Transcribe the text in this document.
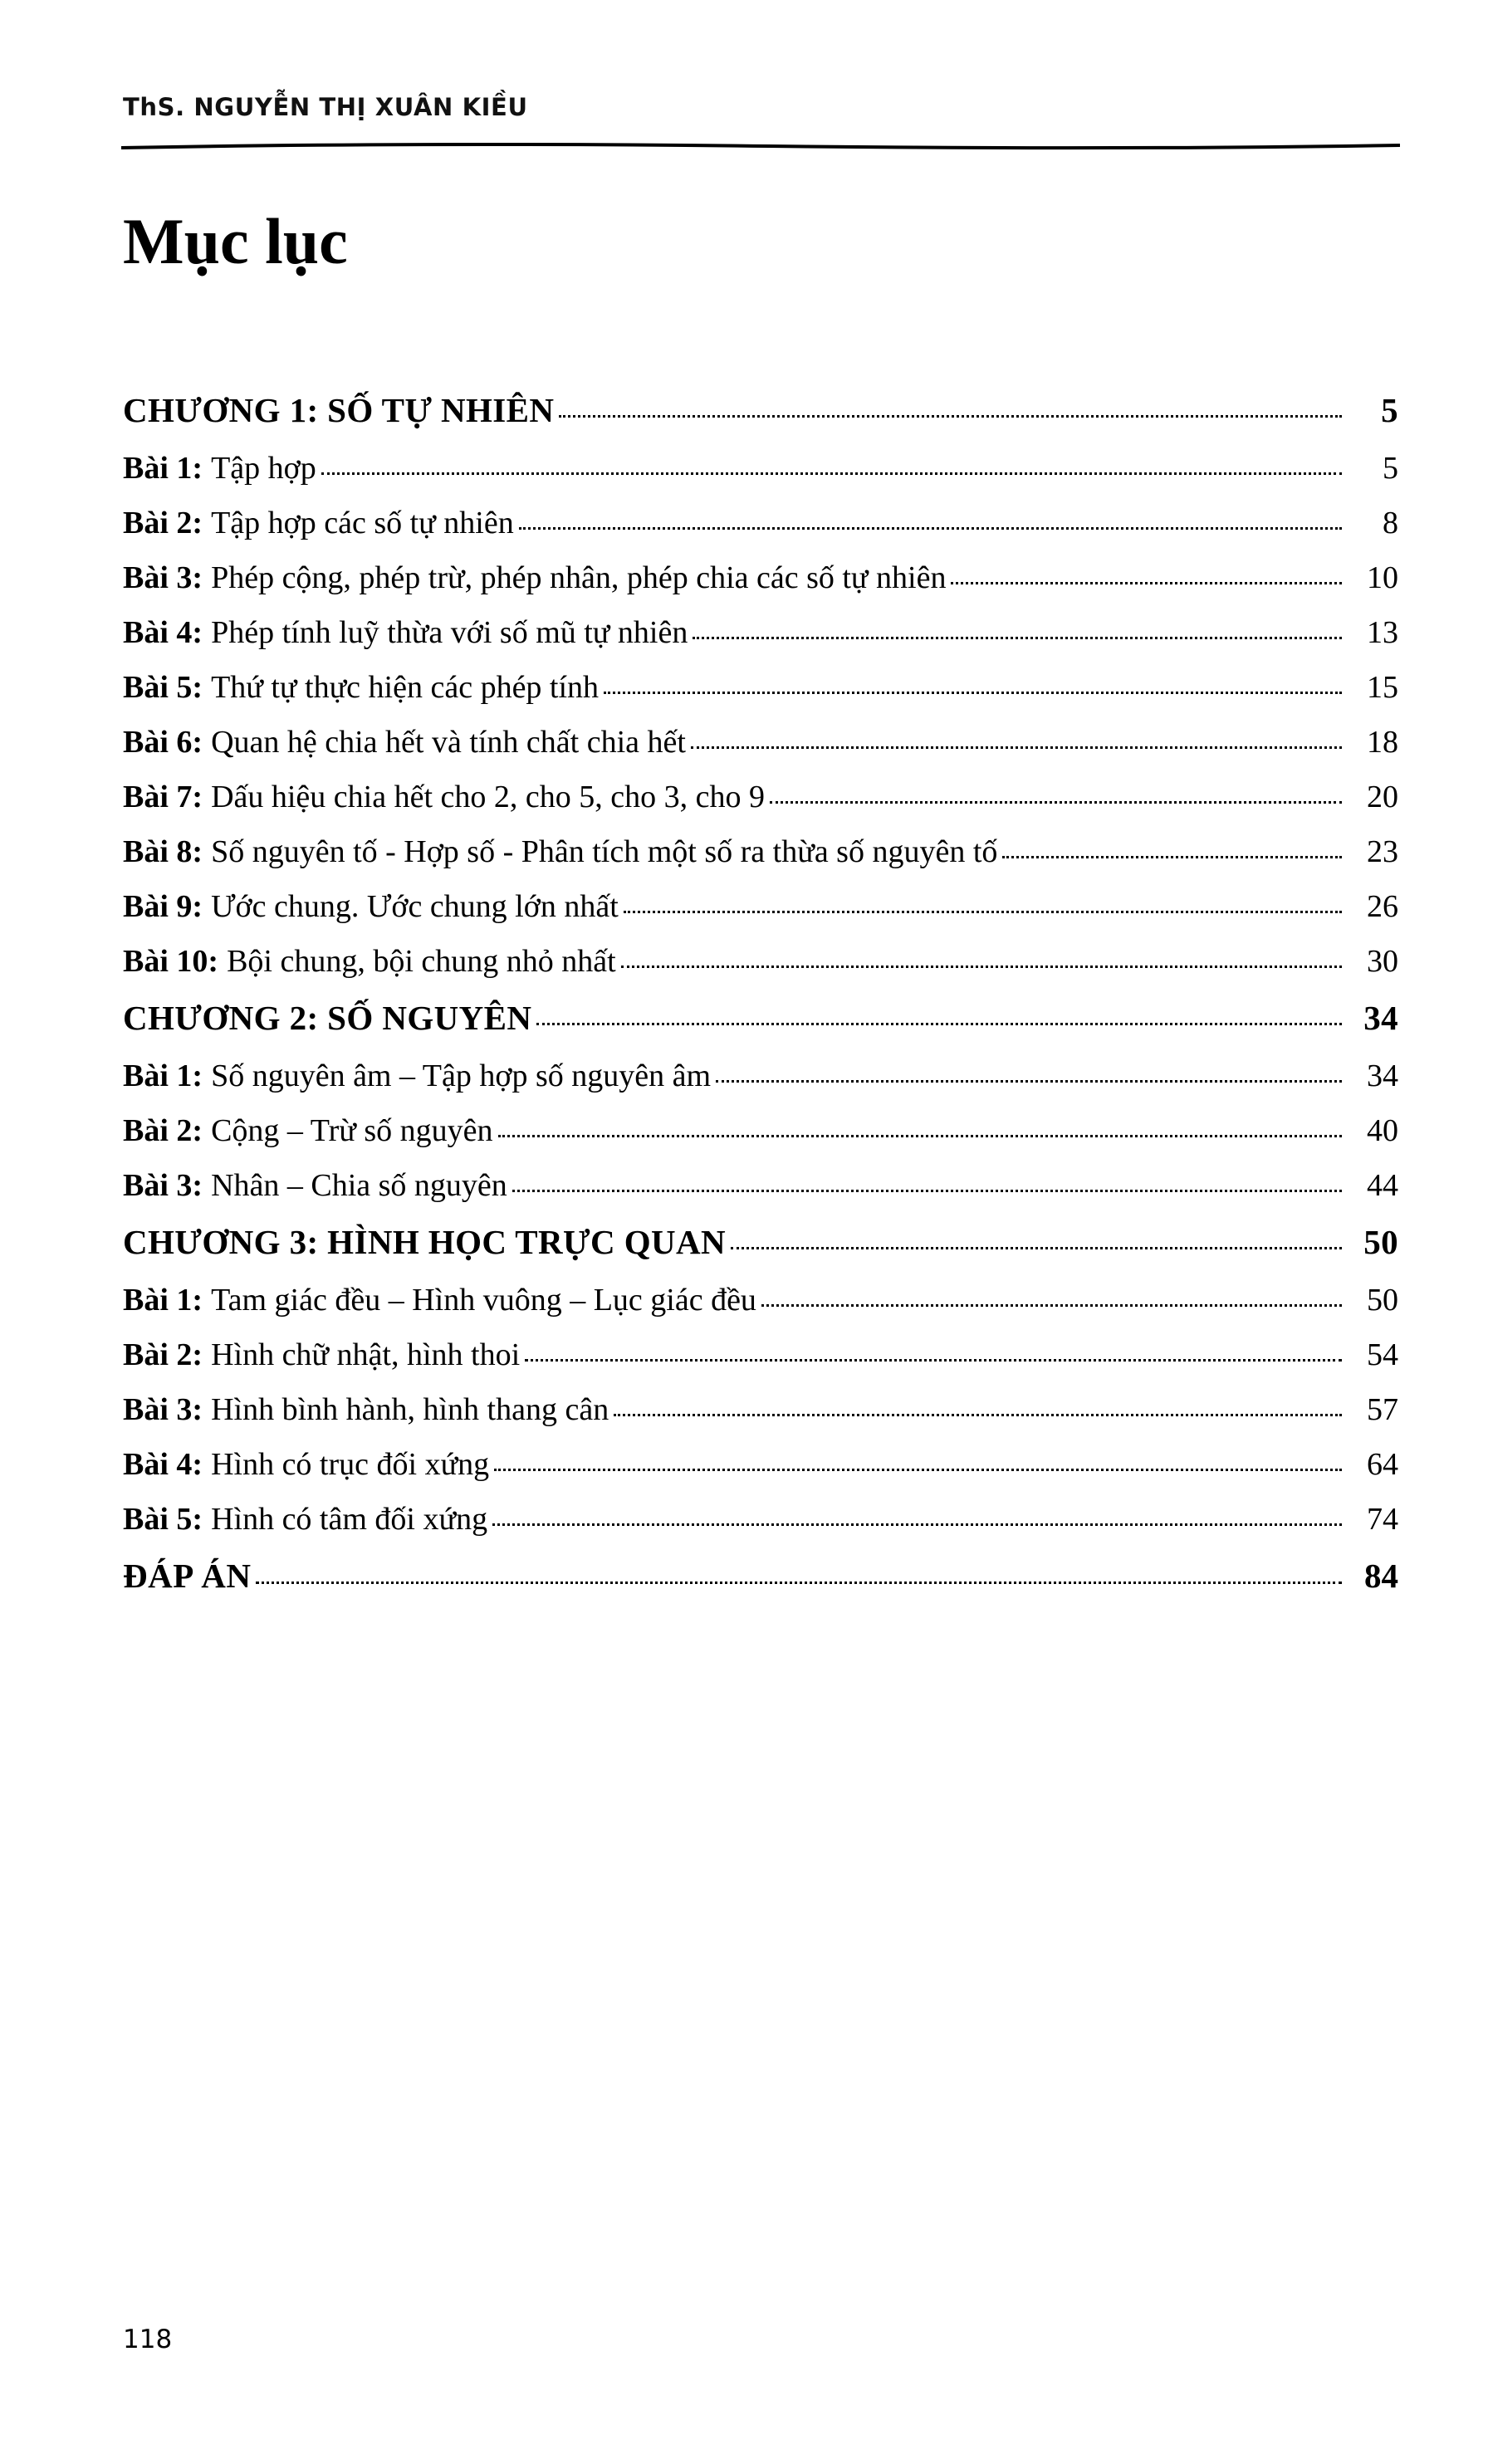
ThS. NGUYỄN THỊ XUÂN KIỀU
Mục lục
CHƯƠNG 1: SỐ TỰ NHIÊN	5
Bài 1: Tập hợp	5
Bài 2: Tập hợp các số tự nhiên	8
Bài 3: Phép cộng, phép trừ, phép nhân, phép chia các số tự nhiên	10
Bài 4: Phép tính luỹ thừa với số mũ tự nhiên	13
Bài 5: Thứ tự thực hiện các phép tính	15
Bài 6: Quan hệ chia hết và tính chất chia hết	18
Bài 7: Dấu hiệu chia hết cho 2, cho 5, cho 3, cho 9	20
Bài 8: Số nguyên tố - Hợp số - Phân tích một số ra thừa số nguyên tố	23
Bài 9: Ước chung. Ước chung lớn nhất	26
Bài 10: Bội chung, bội chung nhỏ nhất	30
CHƯƠNG 2: SỐ NGUYÊN	34
Bài 1: Số nguyên âm – Tập hợp số nguyên âm	34
Bài 2: Cộng – Trừ số nguyên	40
Bài 3: Nhân – Chia số nguyên	44
CHƯƠNG 3: HÌNH HỌC TRỰC QUAN	50
Bài 1: Tam giác đều – Hình vuông – Lục giác đều	50
Bài 2: Hình chữ nhật, hình thoi	54
Bài 3: Hình bình hành, hình thang cân	57
Bài 4: Hình có trục đối xứng	64
Bài 5: Hình có tâm đối xứng	74
ĐÁP ÁN	84
118
